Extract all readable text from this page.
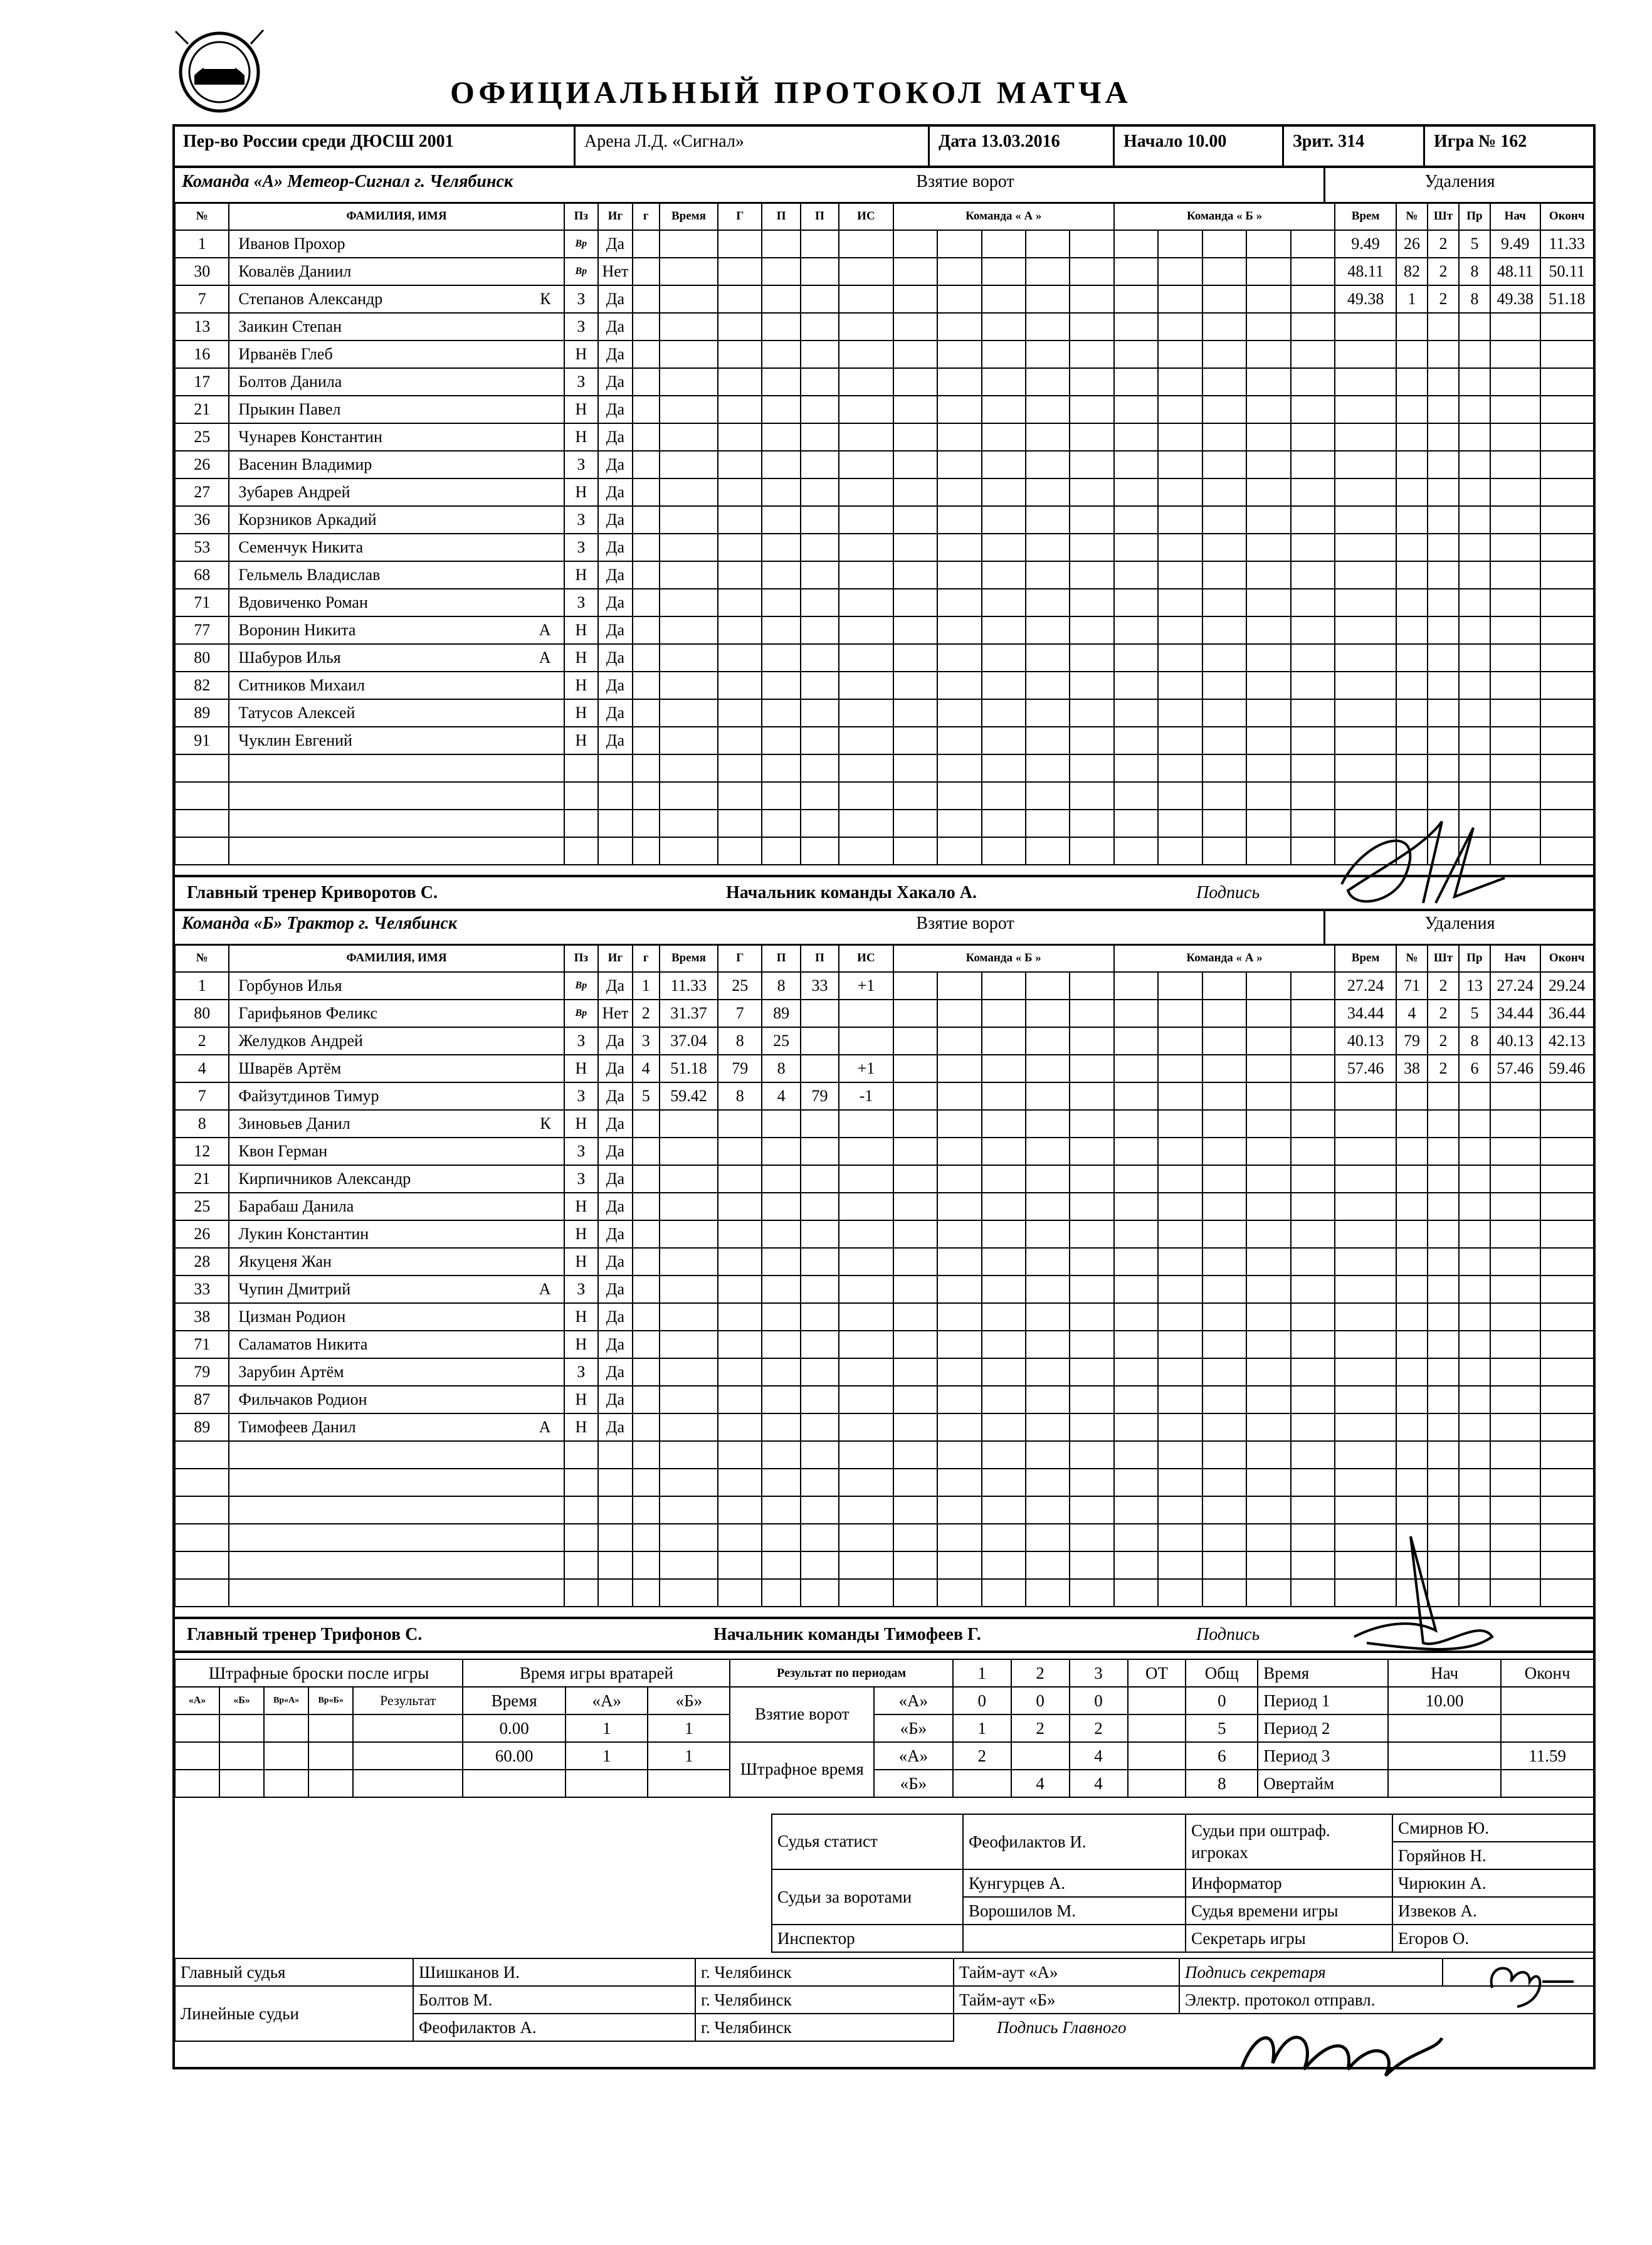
ОФИЦИАЛЬНЫЙ ПРОТОКОЛ МАТЧА
Пер-во России среди ДЮСШ 2001	Арена Л.Д. «Сигнал»	Дата 13.03.2016	Начало 10.00	Зрит. 314	Игра № 162
Команда «А» Метеор-Сигнал г. Челябинск	Взятие ворот	Удаления
№	ФАМИЛИЯ, ИМЯ	Пз	Иг	г	Время	Г	П	П	ИС	Команда « А »					Команда « Б »					Врем	№	Шт	Пр	Нач	Оконч
1	Иванов Прохор	Вр	Да																	9.49	26	2	5	9.49	11.33
30	Ковалёв Даниил	Вр	Нет																	48.11	82	2	8	48.11	50.11
7	Степанов Александр К	З	Да																	49.38	1	2	8	49.38	51.18
13	Заикин Степан	З	Да																						
16	Ирванёв Глеб	Н	Да																						
17	Болтов Данила	З	Да																						
21	Прыкин Павел	Н	Да																						
25	Чунарев Константин	Н	Да																						
26	Васенин Владимир	З	Да																						
27	Зубарев Андрей	Н	Да																						
36	Корзников Аркадий	З	Да																						
53	Семенчук Никита	З	Да																						
68	Гельмель Владислав	Н	Да																						
71	Вдовиченко Роман	З	Да																						
77	Воронин Никита А	Н	Да																						
80	Шабуров Илья А	Н	Да																						
82	Ситников Михаил	Н	Да																						
89	Татусов Алексей	Н	Да																						
91	Чуклин Евгений	Н	Да																						

Главный тренер Криворотов С.	Начальник команды Хакало А.	Подпись
Команда «Б» Трактор г. Челябинск	Взятие ворот	Удаления
№	ФАМИЛИЯ, ИМЯ	Пз	Иг	г	Время	Г	П	П	ИС	Команда « Б »					Команда « А »					Врем	№	Шт	Пр	Нач	Оконч
1	Горбунов Илья	Вр	Да	1	11.33	25	8	33	+1											27.24	71	2	13	27.24	29.24
80	Гарифьянов Феликс	Вр	Нет	2	31.37	7	89													34.44	4	2	5	34.44	36.44
2	Желудков Андрей	З	Да	3	37.04	8	25													40.13	79	2	8	40.13	42.13
4	Шварёв Артём	Н	Да	4	51.18	79	8		+1											57.46	38	2	6	57.46	59.46
7	Файзутдинов Тимур	З	Да	5	59.42	8	4	79	-1																
8	Зиновьев Данил К	Н	Да																						
12	Квон Герман	З	Да																						
21	Кирпичников Александр	З	Да																						
25	Барабаш Данила	Н	Да																						
26	Лукин Константин	Н	Да																						
28	Якуценя Жан	Н	Да																						
33	Чупин Дмитрий А	З	Да																						
38	Цизман Родион	Н	Да																						
71	Саламатов Никита	Н	Да																						
79	Зарубин Артём	З	Да																						
87	Фильчаков Родион	Н	Да																						
89	Тимофеев Данил А	Н	Да																						

Главный тренер Трифонов С.	Начальник команды Тимофеев Г.	Подпись
Штрафные броски после игры					Время игры вратарей			Результат по периодам		1	2	3	ОТ	Общ	Время	Нач	Оконч
«А»	«Б»	Вр«А»	Вр«Б»	Результат	Время	«А»	«Б»	Взятие ворот	«А»	0	0	0		0	Период 1	10.00	
					0.00	1	1		«Б»	1	2	2		5	Период 2		
					60.00	1	1	Штрафное время	«А»	2		4		6	Период 3		11.59
									«Б»		4	4		8	Овертайм		
Судья статист	Феофилактов И.	Судьи при оштраф. игроках	Смирнов Ю.
			Горяйнов Н.
Судьи за воротами	Кунгурцев А.	Информатор	Чирюкин А.
	Ворошилов М.	Судья времени игры	Извеков А.
Инспектор		Секретарь игры	Егоров О.
Главный судья	Шишканов И.	г. Челябинск	Тайм-аут «А»	Подпись секретаря	
Линейные судьи	Болтов М.	г. Челябинск	Тайм-аут «Б»	Электр. протокол отправл.	
	Феофилактов А.	г. Челябинск	Подпись Главного		
